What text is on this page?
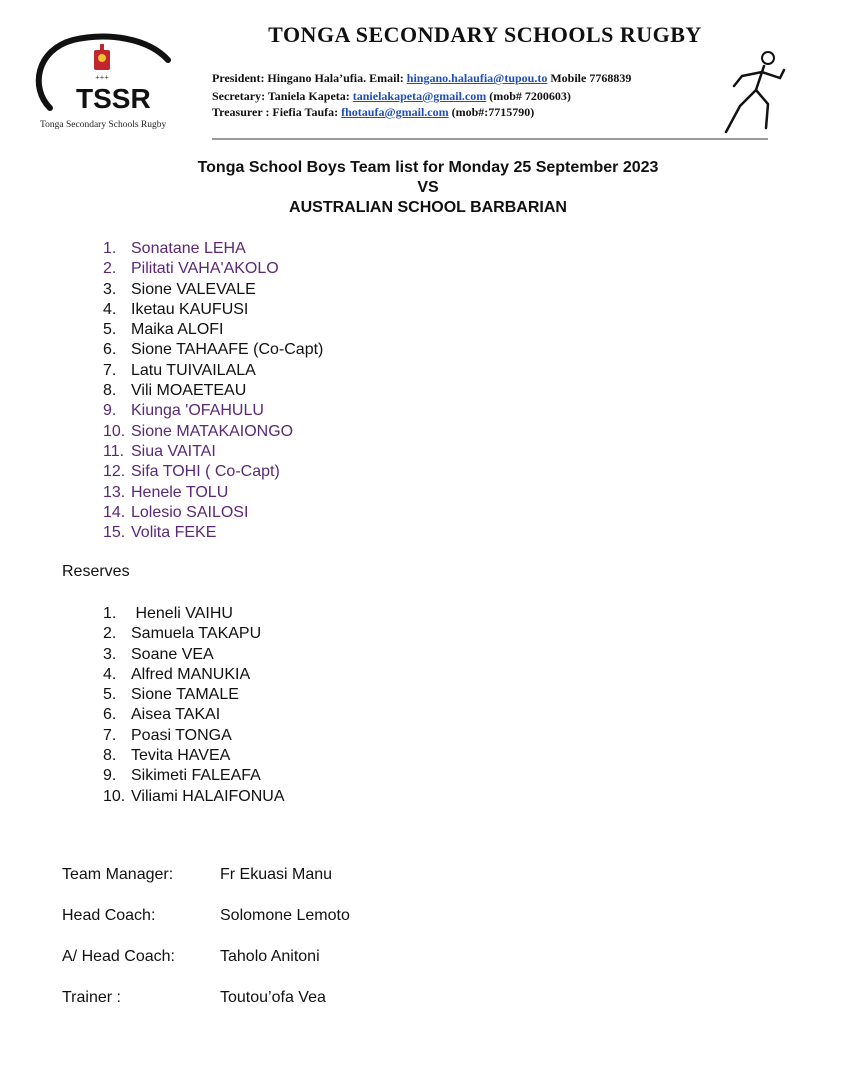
+++
TSSR
Tonga Secondary Schools Rugby
TONGA SECONDARY SCHOOLS RUGBY
President: Hingano Hala’ufia. Email: hingano.halaufia@tupou.to Mobile 7768839
Secretary: Taniela Kapeta: tanielakapeta@gmail.com (mob# 7200603)
Treasurer : Fiefia Taufa: fhotaufa@gmail.com (mob#:7715790)
Tonga School Boys Team list for Monday 25 September 2023
VS
AUSTRALIAN SCHOOL BARBARIAN
1. Sonatane LEHA
2. Pilitati VAHA'AKOLO
3. Sione VALEVALE
4. Iketau KAUFUSI
5. Maika ALOFI
6. Sione TAHAAFE (Co-Capt)
7. Latu TUIVAILALA
8. Vili MOAETEAU
9. Kiunga 'OFAHULU
10. Sione MATAKAIONGO
11. Siua VAITAI
12. Sifa TOHI ( Co-Capt)
13. Henele TOLU
14. Lolesio SAILOSI
15. Volita FEKE
Reserves
1. Heneli VAIHU
2. Samuela TAKAPU
3. Soane VEA
4. Alfred MANUKIA
5. Sione TAMALE
6. Aisea TAKAI
7. Poasi TONGA
8. Tevita HAVEA
9. Sikimeti FALEAFA
10. Viliami HALAIFONUA
Team Manager:	Fr Ekuasi Manu
Head Coach:	Solomone Lemoto
A/ Head Coach:	Taholo Anitoni
Trainer :	Toutou’ofa Vea
